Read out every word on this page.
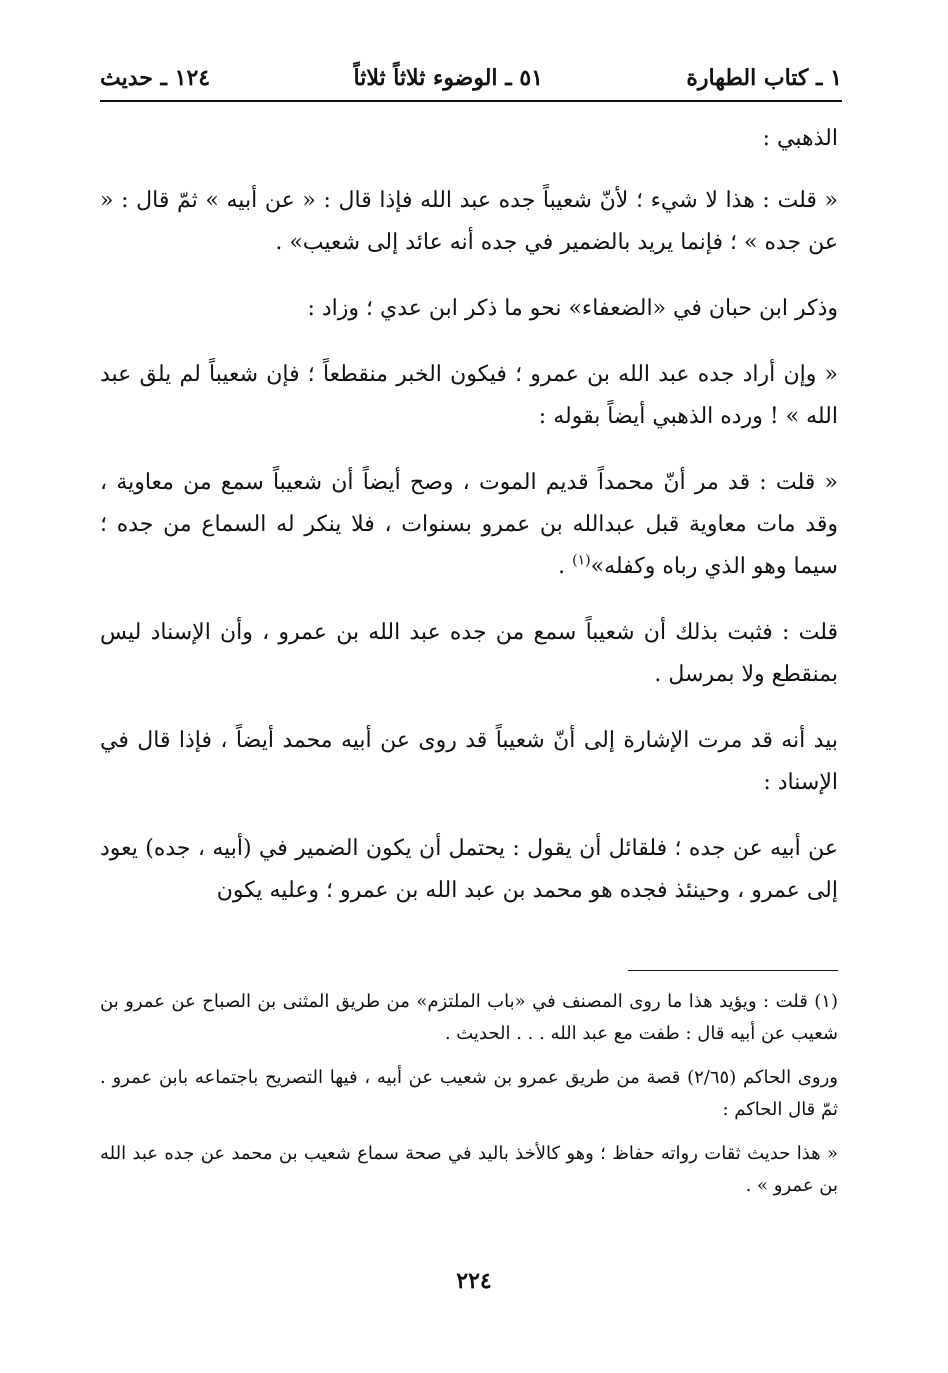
١ ـ كتاب الطهارة
٥١ ـ الوضوء ثلاثاً ثلاثاً
١٢٤ ـ حديث

الذهبي :

« قلت : هذا لا شيء ؛ لأنّ شعيباً جده عبد الله فإذا قال : « عن أبيه » ثمّ قال : « عن جده » ؛ فإنما يريد بالضمير في جده أنه عائد إلى شعيب» .

وذكر ابن حبان في «الضعفاء» نحو ما ذكر ابن عدي ؛ وزاد :

« وإن أراد جده عبد الله بن عمرو ؛ فيكون الخبر منقطعاً ؛ فإن شعيباً لم يلق عبد الله » ! ورده الذهبي أيضاً بقوله :

« قلت : قد مر أنّ محمداً قديم الموت ، وصح أيضاً أن شعيباً سمع من معاوية ، وقد مات معاوية قبل عبدالله بن عمرو بسنوات ، فلا ينكر له السماع من جده ؛ سيما وهو الذي رباه وكفله»$^{(١)}$ .

قلت : فثبت بذلك أن شعيباً سمع من جده عبد الله بن عمرو ، وأن الإسناد ليس بمنقطع ولا بمرسل .

بيد أنه قد مرت الإشارة إلى أنّ شعيباً قد روى عن أبيه محمد أيضاً ، فإذا قال في الإسناد :

عن أبيه عن جده ؛ فلقائل أن يقول : يحتمل أن يكون الضمير في (أبيه ، جده) يعود إلى عمرو ، وحينئذ فجده هو محمد بن عبد الله بن عمرو ؛ وعليه يكون

(١) قلت : ويؤيد هذا ما روى المصنف في «باب الملتزم» من طريق المثنى بن الصباح عن عمرو بن شعيب عن أبيه قال : طفت مع عبد الله . . . الحديث .

وروى الحاكم (٢/٦٥) قصة من طريق عمرو بن شعيب عن أبيه ، فيها التصريح باجتماعه بابن عمرو . ثمّ قال الحاكم :

« هذا حديث ثقات رواته حفاظ ؛ وهو كالأخذ باليد في صحة سماع شعيب بن محمد عن جده عبد الله بن عمرو » .

٢٢٤
